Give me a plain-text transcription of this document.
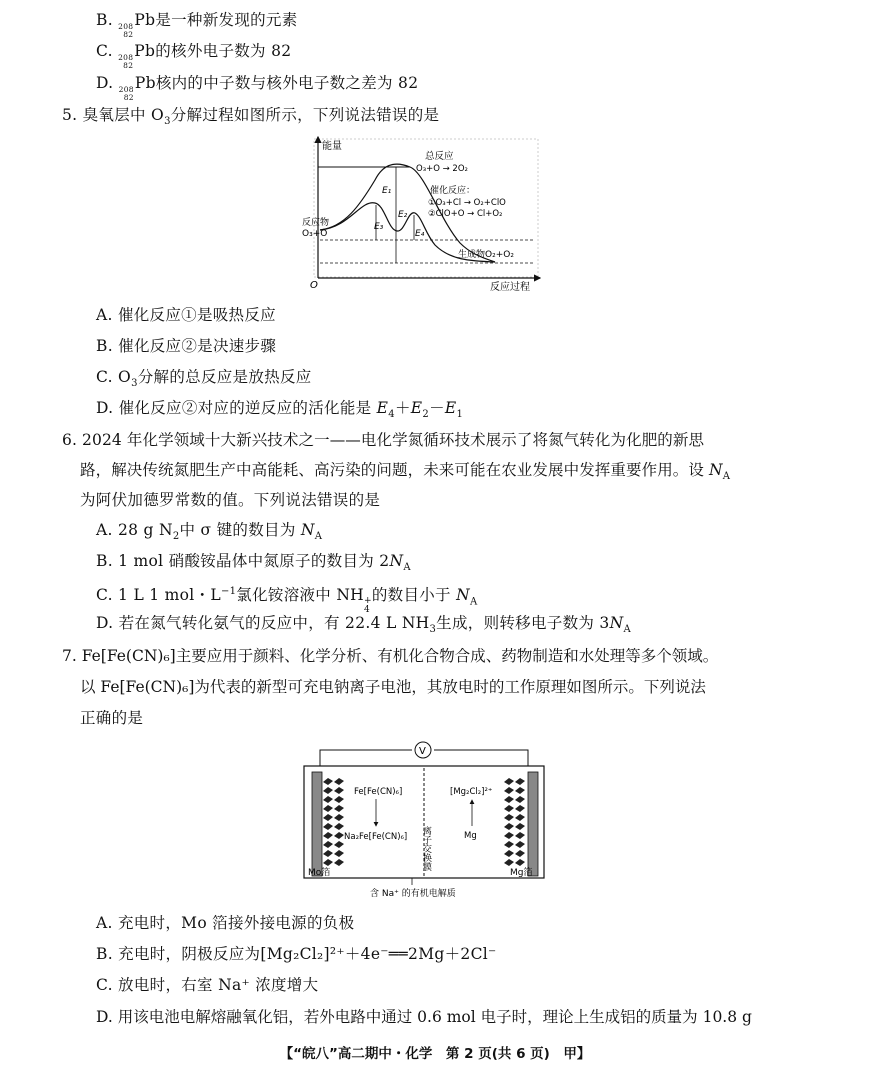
B. 208
82
Pb是一种新发现的元素
C. 208
82
Pb的核外电子数为 82
D. 208
82
Pb核内的中子数与核外电子数之差为 82
5. 臭氧层中 $O_3$分解过程如图所示，下列说法错误的是
能量
O	反应过程
E₁
E₂
E₃
E₄
反应物
O₃+O
生成物O₂+O₂
总反应
O₃+O → 2O₂
催化反应：
①O₃+Cl → O₂+ClO
②ClO+O → Cl+O₂
A. 催化反应①是吸热反应
B. 催化反应②是决速步骤
C. $O_3$分解的总反应是放热反应
D. 催化反应②对应的逆反应的活化能是 $E_4+E_2-E_1$
6. 2024 年化学领域十大新兴技术之一——电化学氮循环技术展示了将氮气转化为化肥的新思
路，解决传统氮肥生产中高能耗、高污染的问题，未来可能在农业发展中发挥重要作用。设 $N_A$
为阿伏加德罗常数的值。下列说法错误的是
A. 28 g $N_2$中 σ 键的数目为 $N_A$
B. 1 mol 硝酸铵晶体中氮原子的数目为 $2N_A$
C. 1 L 1 mol・$L^{-1}$氯化铵溶液中 NH +
4
的数目小于 $N_A$
D. 若在氮气转化氨气的反应中，有 22.4 L $NH_3$生成，则转移电子数为 $3N_A$
7. Fe[Fe(CN)₆]主要应用于颜料、化学分析、有机化合物合成、药物制造和水处理等多个领域。
以 Fe[Fe(CN)₆]为代表的新型可充电钠离子电池，其放电时的工作原理如图所示。下列说法
正确的是
V
Fe[Fe(CN)₆]
Na₂Fe[Fe(CN)₆]
[Mg₂Cl₂]²⁺
Mg
离子交换膜
Mo箔	Mg箔
含 Na⁺ 的有机电解质
A. 充电时，Mo 箔接外接电源的负极
B. 充电时，阴极反应为[Mg₂Cl₂]²⁺＋4e⁻══2Mg＋2Cl⁻
C. 放电时，右室 Na⁺ 浓度增大
D. 用该电池电解熔融氧化铝，若外电路中通过 0.6 mol 电子时，理论上生成铝的质量为 10.8 g
【“皖八”高二期中・化学　第 2 页(共 6 页)　甲】
